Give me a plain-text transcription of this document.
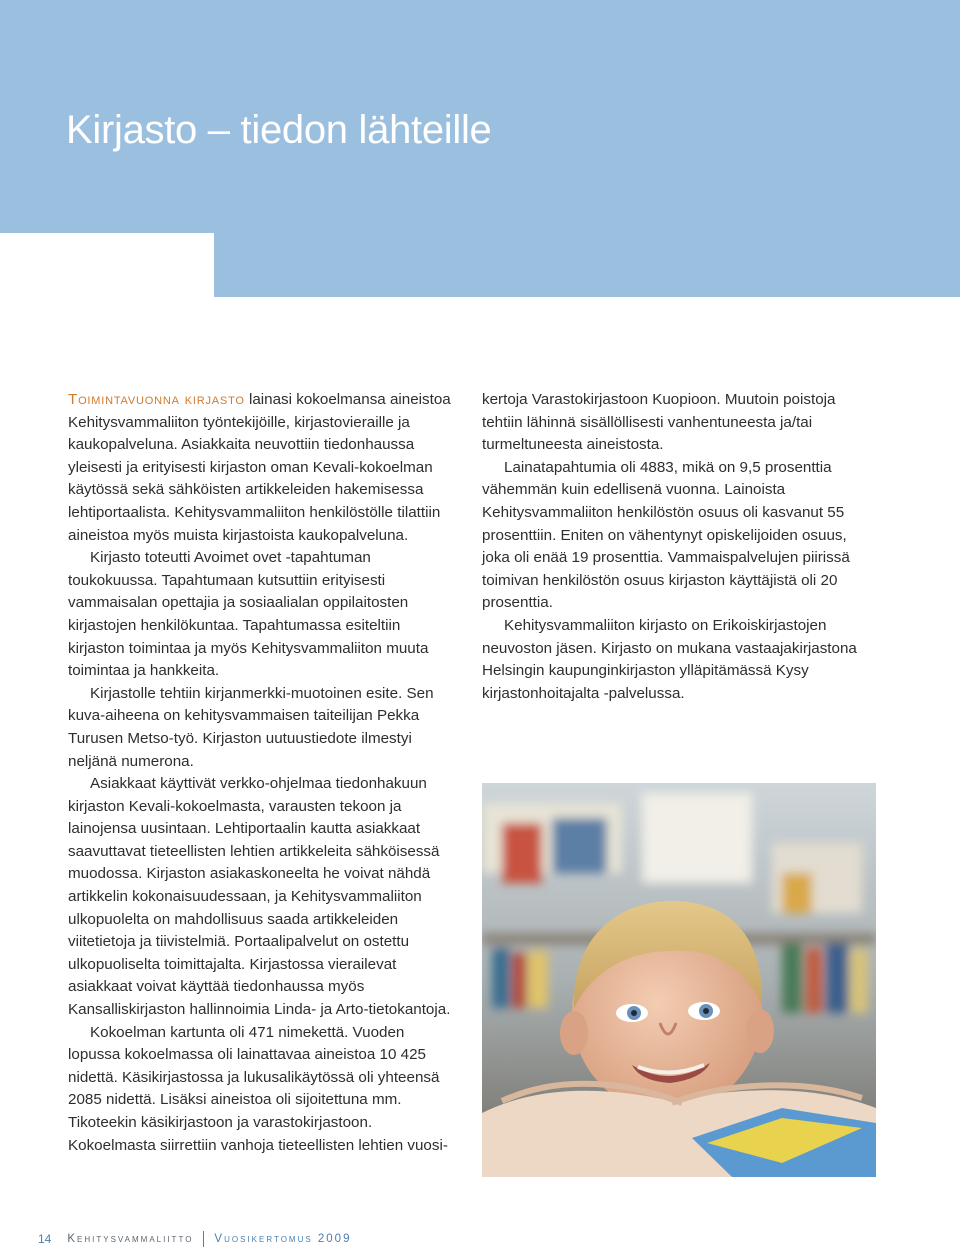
Kirjasto – tiedon lähteille

Toimintavuonna kirjasto lainasi kokoelmansa aineistoa Kehitysvammaliiton työntekijöille, kirjastovieraille ja kaukopalveluna. Asiakkaita neuvottiin tiedonhaussa yleisesti ja erityisesti kirjaston oman Kevali-kokoelman käytössä sekä sähköisten artikkeleiden hakemisessa lehtiportaalista. Kehitysvammaliiton henkilöstölle tilattiin aineistoa myös muista kirjastoista kaukopalveluna.

Kirjasto toteutti Avoimet ovet -tapahtuman toukokuussa. Tapahtumaan kutsuttiin erityisesti vammaisalan opettajia ja sosiaalialan oppilaitosten kirjastojen henkilökuntaa. Tapahtumassa esiteltiin kirjaston toimintaa ja myös Kehitysvammaliiton muuta toimintaa ja hankkeita.

Kirjastolle tehtiin kirjanmerkki-muotoinen esite. Sen kuva-aiheena on kehitysvammaisen taiteilijan Pekka Turusen Metso-työ. Kirjaston uutuustiedote ilmestyi neljänä numerona.

Asiakkaat käyttivät verkko-ohjelmaa tiedonhakuun kirjaston Kevali-kokoelmasta, varausten tekoon ja lainojensa uusintaan. Lehtiportaalin kautta asiakkaat saavuttavat tieteellisten lehtien artikkeleita sähköisessä muodossa. Kirjaston asiakaskoneelta he voivat nähdä artikkelin kokonaisuudessaan, ja Kehitysvammaliiton ulkopuolelta on mahdollisuus saada artikkeleiden viitetietoja ja tiivistelmiä. Portaalipalvelut on ostettu ulkopuoliselta toimittajalta. Kirjastossa vierailevat asiakkaat voivat käyttää tiedonhaussa myös Kansalliskirjaston hallinnoimia Linda- ja Arto-tietokantoja.

Kokoelman kartunta oli 471 nimekettä. Vuoden lopussa kokoelmassa oli lainattavaa aineistoa 10 425 nidettä. Käsikirjastossa ja lukusalikäytössä oli yhteensä 2085 nidettä. Lisäksi aineistoa oli sijoitettuna mm. Tikoteekin käsikirjastoon ja varastokirjastoon. Kokoelmasta siirrettiin vanhoja tieteellisten lehtien vuosi-

kertoja Varastokirjastoon Kuopioon. Muutoin poistoja tehtiin lähinnä sisällöllisesti vanhentuneesta ja/tai turmeltuneesta aineistosta.

Lainatapahtumia oli 4883, mikä on 9,5 prosenttia vähemmän kuin edellisenä vuonna. Lainoista Kehitysvammaliiton henkilöstön osuus oli kasvanut 55 prosenttiin. Eniten on vähentynyt opiskelijoiden osuus, joka oli enää 19 prosenttia. Vammaispalvelujen piirissä toimivan henkilöstön osuus kirjaston käyttäjistä oli 20 prosenttia.

Kehitysvammaliiton kirjasto on Erikoiskirjastojen neuvoston jäsen. Kirjasto on mukana vastaajakirjastona Helsingin kaupunginkirjaston ylläpitämässä Kysy kirjastonhoitajalta -palvelussa.

14 Kehitysvammaliitto Vuosikertomus 2009
